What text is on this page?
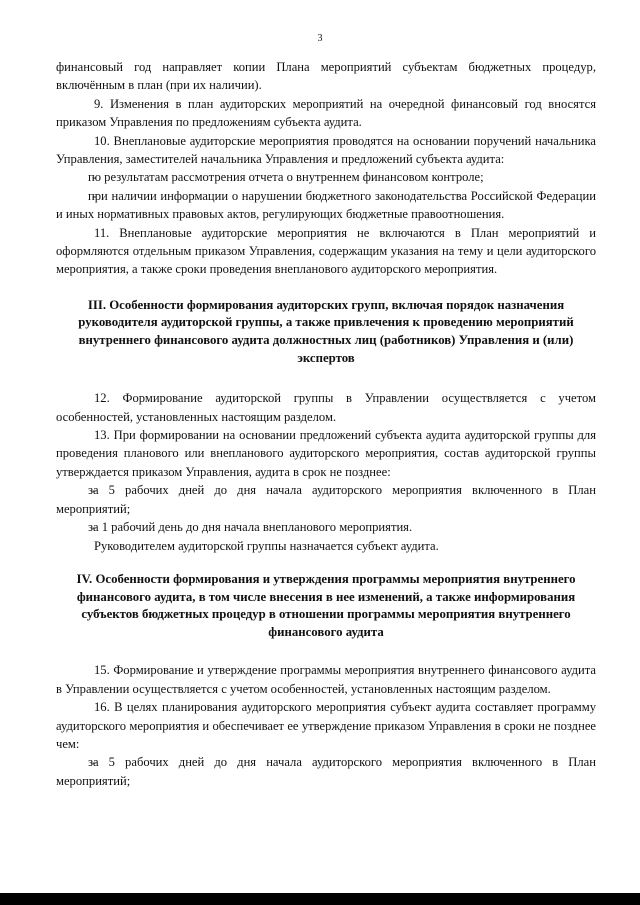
3

финансовый год направляет копии Плана мероприятий субъектам бюджетных процедур, включённым в план (при их наличии).

9. Изменения в план аудиторских мероприятий на очередной финансовый год вносятся приказом Управления по предложениям субъекта аудита.

10. Внеплановые аудиторские мероприятия проводятся на основании поручений начальника Управления, заместителей начальника Управления и предложений субъекта аудита:

- по результатам рассмотрения отчета о внутреннем финансовом контроле;

- при наличии информации о нарушении бюджетного законодательства Российской Федерации и иных нормативных правовых актов, регулирующих бюджетные правоотношения.

11. Внеплановые аудиторские мероприятия не включаются в План мероприятий и оформляются отдельным приказом Управления, содержащим указания на тему и цели аудиторского мероприятия, а также сроки проведения внепланового аудиторского мероприятия.

III. Особенности формирования аудиторских групп, включая порядок назначения руководителя аудиторской группы, а также привлечения к проведению мероприятий внутреннего финансового аудита должностных лиц (работников) Управления и (или) экспертов

12. Формирование аудиторской группы в Управлении осуществляется с учетом особенностей, установленных настоящим разделом.

13. При формировании на основании предложений субъекта аудита аудиторской группы для проведения планового или внепланового аудиторского мероприятия, состав аудиторской группы утверждается приказом Управления, аудита в срок не позднее:

- за 5 рабочих дней до дня начала аудиторского мероприятия включенного в План мероприятий;

- за 1 рабочий день до дня начала внепланового мероприятия.

Руководителем аудиторской группы назначается субъект аудита.

IV. Особенности формирования и утверждения программы мероприятия внутреннего финансового аудита, в том числе внесения в нее изменений, а также информирования субъектов бюджетных процедур в отношении программы мероприятия внутреннего финансового аудита

15. Формирование и утверждение программы мероприятия внутреннего финансового аудита в Управлении осуществляется с учетом особенностей, установленных настоящим разделом.

16. В целях планирования аудиторского мероприятия субъект аудита составляет программу аудиторского мероприятия и обеспечивает ее утверждение приказом Управления в сроки не позднее чем:

- за 5 рабочих дней до дня начала аудиторского мероприятия включенного в План мероприятий;
